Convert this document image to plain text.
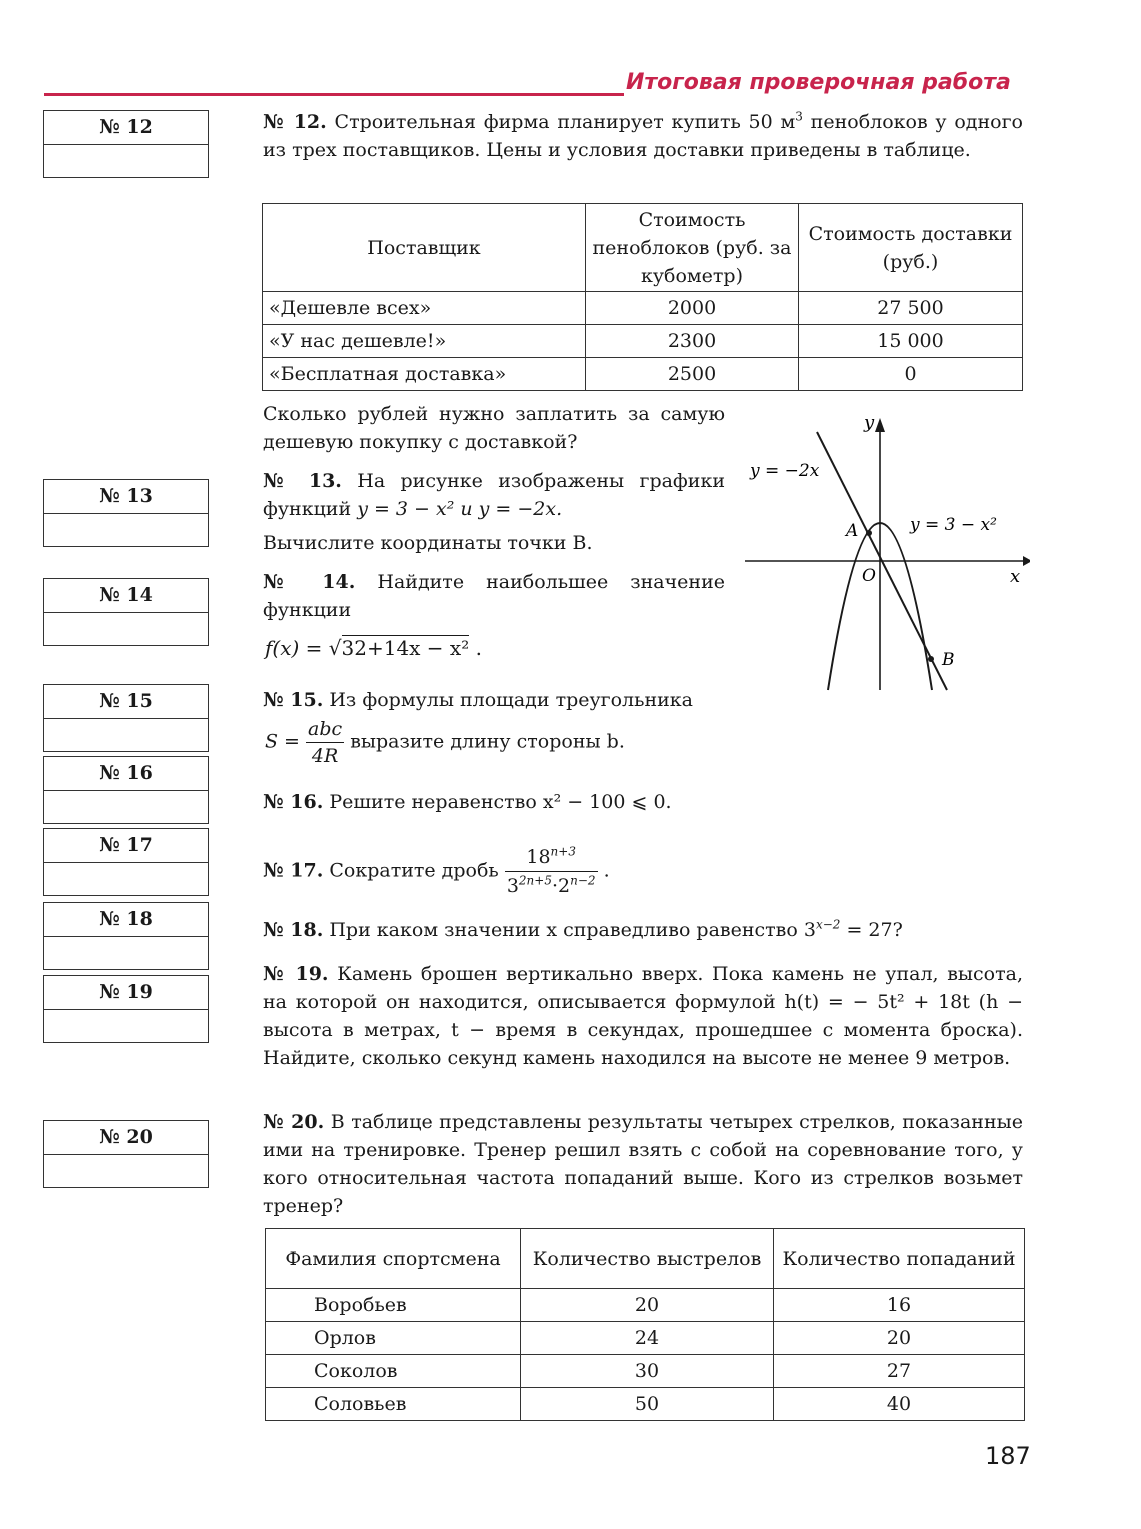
Итоговая проверочная работа
№ 12
№ 13
№ 14
№ 15
№ 16
№ 17
№ 18
№ 19
№ 20
№ 12. Строительная фирма планирует купить 50 $м^3$ пеноблоков у одного из трех поставщиков. Цены и условия доставки приведены в таблице.
Поставщик	Стоимость пеноблоков (руб. за кубометр)	Стоимость доставки (руб.)
«Дешевле всех»	2000	27 500
«У нас дешевле!»	2300	15 000
«Бесплатная доставка»	2500	0
Сколько рублей нужно заплатить за самую дешевую покупку с доставкой?
№ 13. На рисунке изображены графики функций y = 3 − x² и y = −2x.
Вычислите координаты точки B.
№ 14. Найдите наибольшее значение функции
f(x) = √32+14x − x² .
№ 15. Из формулы площади треугольника
$S = \frac{\text{abc}}{4R}$ выразите длину стороны b.
№ 16. Решите неравенство x² − 100 ⩽ 0.
№ 17. Сократите дробь $\frac{18^{n+3}}{3^{2n+5}\cdot 2^{n-2}}$ .
№ 18. При каком значении x справедливо равенство $3^{x-2} = 27$?
№ 19. Камень брошен вертикально вверх. Пока камень не упал, высота, на которой он находится, описывается формулой h(t) = − 5t² + 18t (h − высота в метрах, t − время в секундах, прошедшее с момента броска). Найдите, сколько секунд камень находился на высоте не менее 9 метров.
№ 20. В таблице представлены результаты четырех стрелков, показанные ими на тренировке. Тренер решил взять с собой на соревнование того, у кого относительная частота попаданий выше. Кого из стрелков возьмет тренер?
Фамилия спортсмена	Количество выстрелов	Количество попаданий
Воробьев	20	16
Орлов	24	20
Соколов	30	27
Соловьев	50	40
y = −2x
y = 3 − x²
x
y
O
A
B
187
